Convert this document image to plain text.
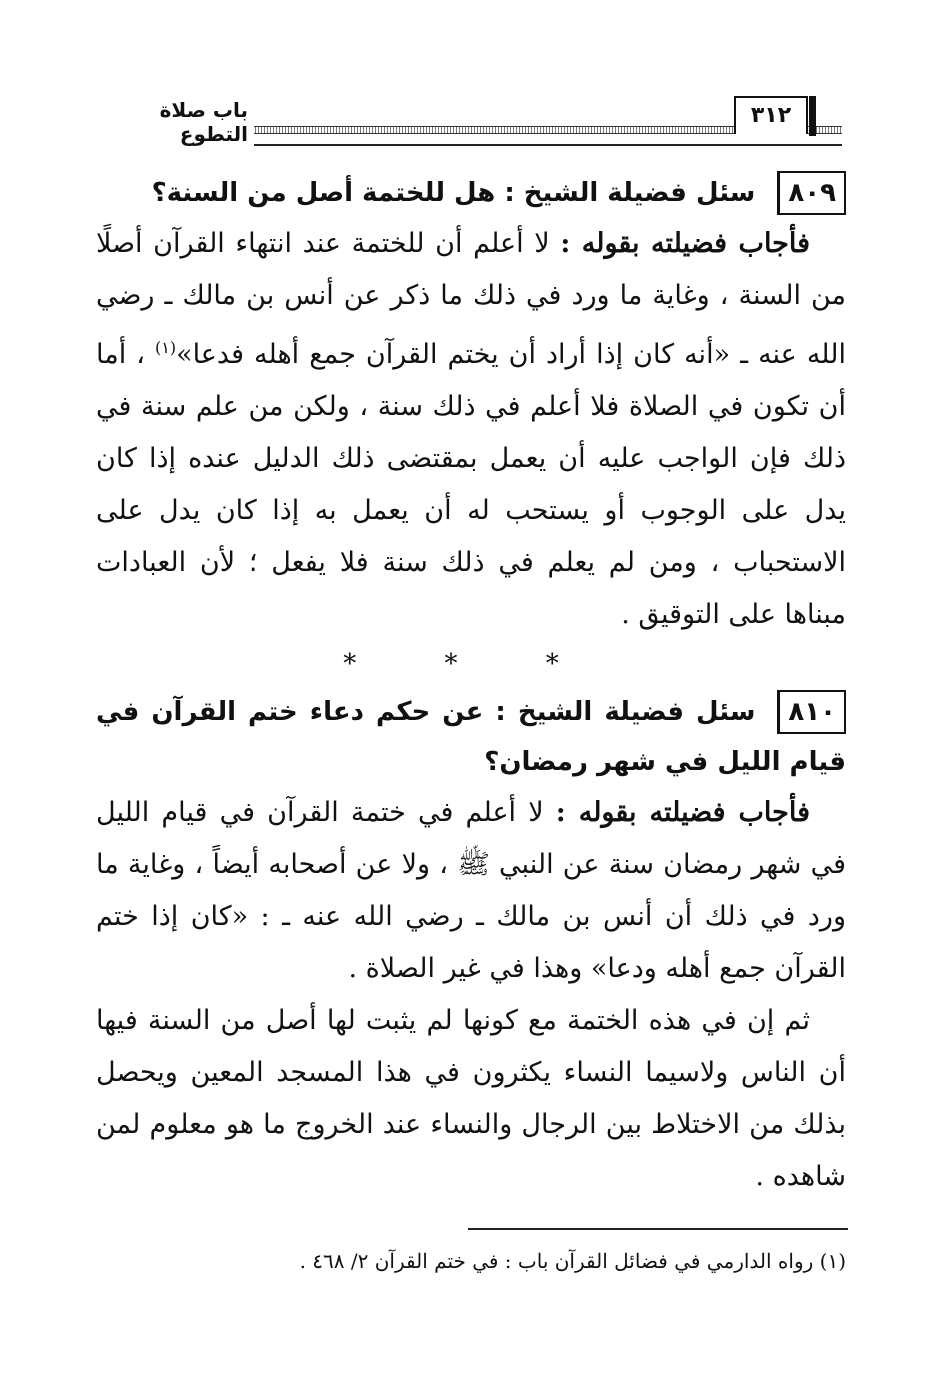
باب صلاة التطوع
٣١٢
٨٠٩سئل فضيلة الشيخ : هل للختمة أصل من السنة؟

فأجاب فضيلته بقوله : لا أعلم أن للختمة عند انتهاء القرآن أصلًا من السنة ، وغاية ما ورد في ذلك ما ذكر عن أنس بن مالك ـ رضي الله عنه ـ «أنه كان إذا أراد أن يختم القرآن جمع أهله فدعا»$^{(١)}$ ، أما أن تكون في الصلاة فلا أعلم في ذلك سنة ، ولكن من علم سنة في ذلك فإن الواجب عليه أن يعمل بمقتضى ذلك الدليل عنده إذا كان يدل على الوجوب أو يستحب له أن يعمل به إذا كان يدل على الاستحباب ، ومن لم يعلم في ذلك سنة فلا يفعل ؛ لأن العبادات مبناها على التوقيق .

* * *
٨١٠سئل فضيلة الشيخ : عن حكم دعاء ختم القرآن في قيام الليل في شهر رمضان؟

فأجاب فضيلته بقوله : لا أعلم في ختمة القرآن في قيام الليل في شهر رمضان سنة عن النبي ﷺ ، ولا عن أصحابه أيضاً ، وغاية ما ورد في ذلك أن أنس بن مالك ـ رضي الله عنه ـ : «كان إذا ختم القرآن جمع أهله ودعا» وهذا في غير الصلاة .

ثم إن في هذه الختمة مع كونها لم يثبت لها أصل من السنة فيها أن الناس ولاسيما النساء يكثرون في هذا المسجد المعين ويحصل بذلك من الاختلاط بين الرجال والنساء عند الخروج ما هو معلوم لمن شاهده .

(١) رواه الدارمي في فضائل القرآن باب : في ختم القرآن ٢/ ٤٦٨ .
